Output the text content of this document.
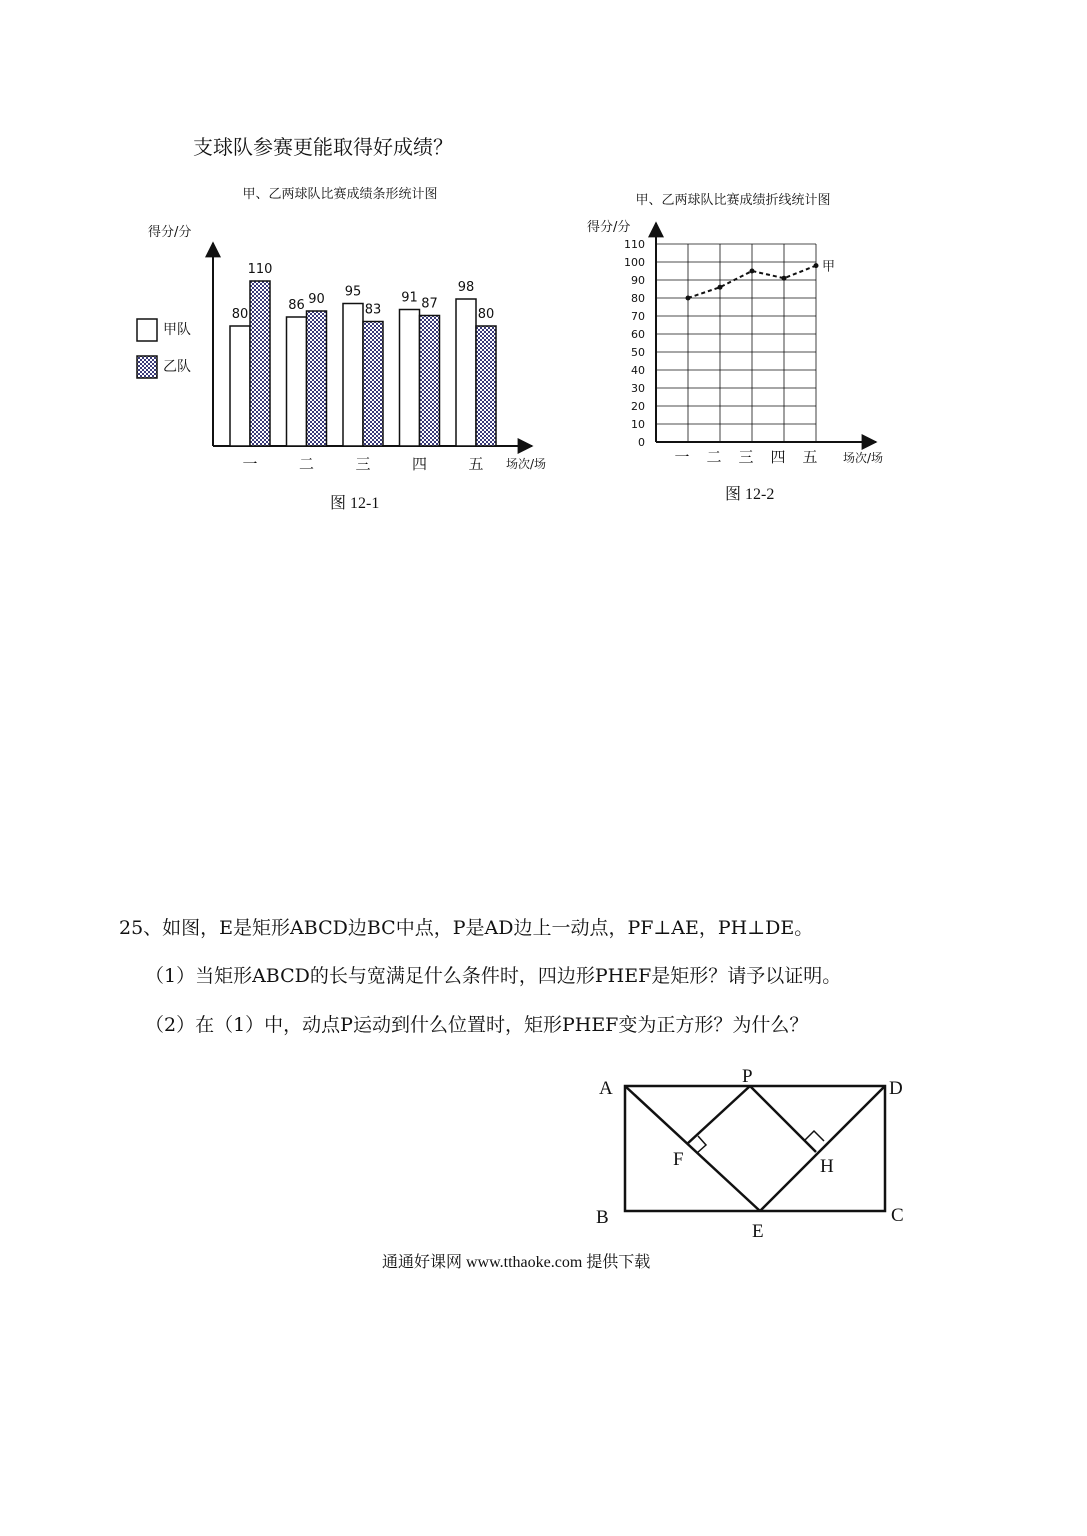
支球队参赛更能取得好成绩？
甲、乙两球队比赛成绩条形统计图
得分/分
场次/场
甲队
乙队
80
110
一
86 90
二
95
83
三
91 87
四
98
80
五
图 12-1
甲、乙两球队比赛成绩折线统计图
得分/分
场次/场
0
10
20
30
40
50
60
70
80
90
100
110
一 二 三 四 五
甲
图 12-2
25、如图，E是矩形ABCD边BC中点，P是AD边上一动点，PF⊥AE，PH⊥DE。
（1）当矩形ABCD的长与宽满足什么条件时，四边形PHEF是矩形？请予以证明。
（2）在（1）中，动点P运动到什么位置时，矩形PHEF变为正方形？为什么？
A
P
D
F	H
B	C
E
通通好课网 www.tthaoke.com 提供下载
